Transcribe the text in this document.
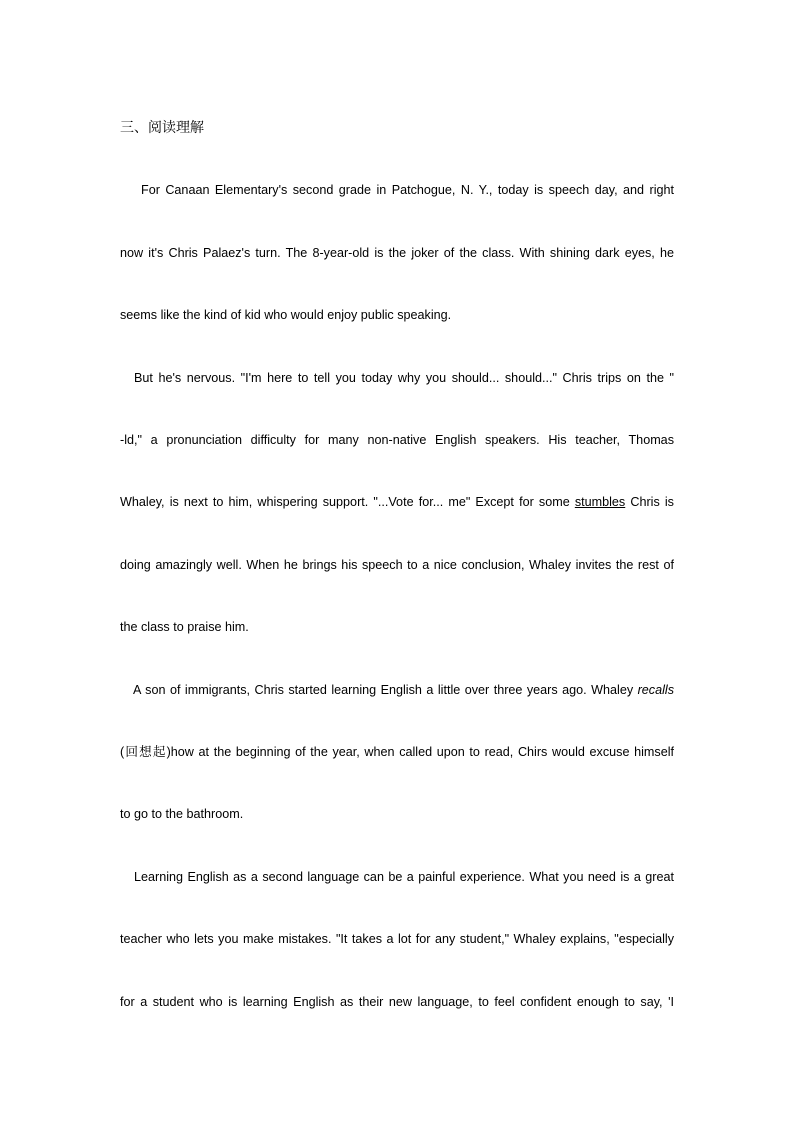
三、阅读理解
For Canaan Elementary's second grade in Patchogue, N. Y., today is speech day, and right
now it's Chris Palaez's turn. The 8-year-old is the joker of the class. With shining dark eyes, he
seems like the kind of kid who would enjoy public speaking.
But he's nervous. "I'm here to tell you today why you should... should..." Chris trips on the "
-ld," a pronunciation difficulty for many non-native English speakers. His teacher, Thomas
Whaley, is next to him, whispering support. "...Vote for... me" Except for some stumbles Chris is
doing amazingly well. When he brings his speech to a nice conclusion, Whaley invites the rest of
the class to praise him.
A son of immigrants, Chris started learning English a little over three years ago. Whaley recalls
(回想起)how at the beginning of the year, when called upon to read, Chirs would excuse himself
to go to the bathroom.
Learning English as a second language can be a painful experience. What you need is a great
teacher who lets you make mistakes. "It takes a lot for any student," Whaley explains, "especially
for a student who is learning English as their new language, to feel confident enough to say, 'I
